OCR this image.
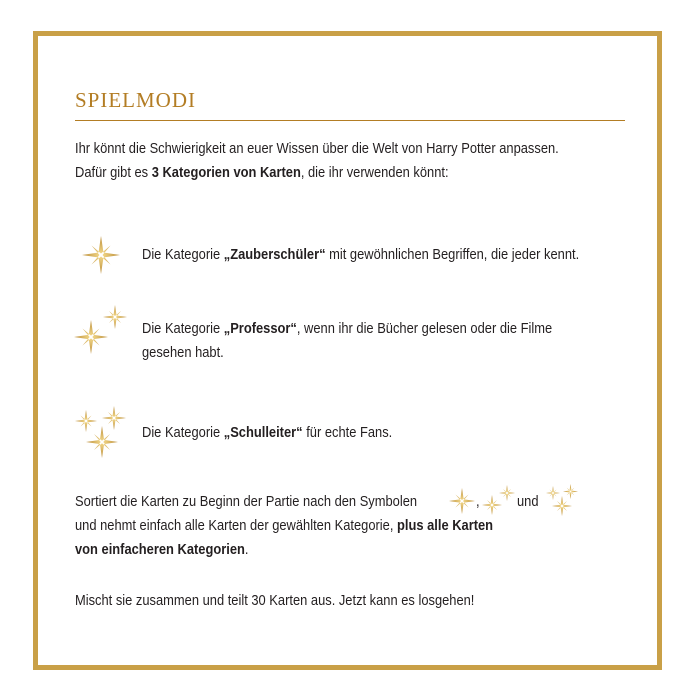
SPIELMODI
Ihr könnt die Schwierigkeit an euer Wissen über die Welt von Harry Potter anpassen.
Dafür gibt es 3 Kategorien von Karten, die ihr verwenden könnt:
Die Kategorie „Zauberschüler“ mit gewöhnlichen Begriffen, die jeder kennt.
Die Kategorie „Professor“, wenn ihr die Bücher gelesen oder die Filme
gesehen habt.
Die Kategorie „Schulleiter“ für echte Fans.
Sortiert die Karten zu Beginn der Partie nach den Symbolen	, und
und nehmt einfach alle Karten der gewählten Kategorie, plus alle Karten
von einfacheren Kategorien.
Mischt sie zusammen und teilt 30 Karten aus. Jetzt kann es losgehen!
